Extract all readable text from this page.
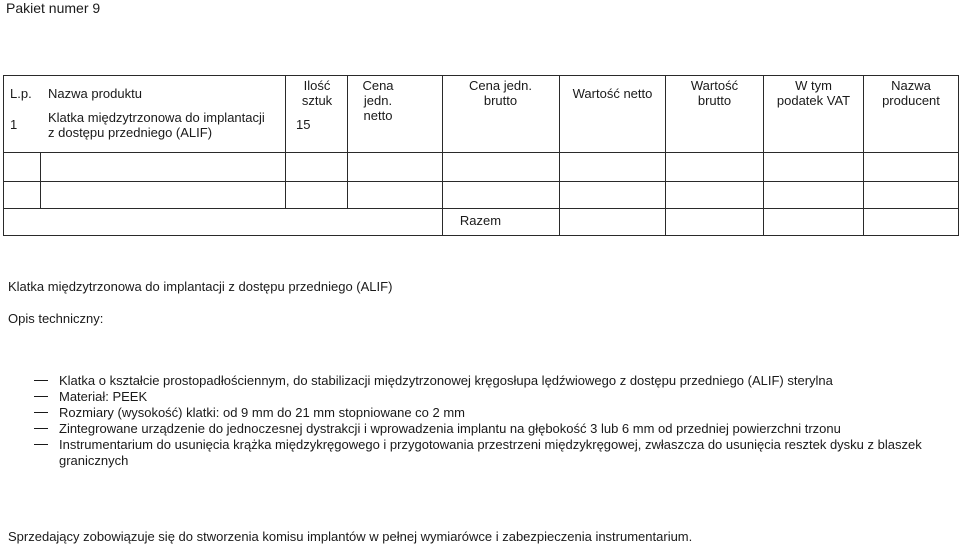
Pakiet numer 9
L.p. Nazwa produktu
Ilość
sztuk
Cena jedn.
netto
Cena jedn.
brutto	Wartość netto
Wartość
brutto
W tym
podatek VAT
Nazwa
producent
1 Klatka międzytrzonowa do implantacji
z dostępu przedniego (ALIF)
15
Razem
Klatka międzytrzonowa do implantacji z dostępu przedniego (ALIF)
Opis techniczny:
Klatka o kształcie prostopadłościennym, do stabilizacji międzytrzonowej kręgosłupa lędźwiowego z dostępu przedniego (ALIF) sterylna
Materiał: PEEK
Rozmiary (wysokość) klatki: od 9 mm do 21 mm stopniowane co 2 mm
Zintegrowane urządzenie do jednoczesnej dystrakcji i wprowadzenia implantu na głębokość 3 lub 6 mm od przedniej powierzchni trzonu
Instrumentarium do usunięcia krążka międzykręgowego i przygotowania przestrzeni międzykręgowej, zwłaszcza do usunięcia resztek dysku z blaszek
granicznych
Sprzedający zobowiązuje się do stworzenia komisu implantów w pełnej wymiarówce i zabezpieczenia instrumentarium.
